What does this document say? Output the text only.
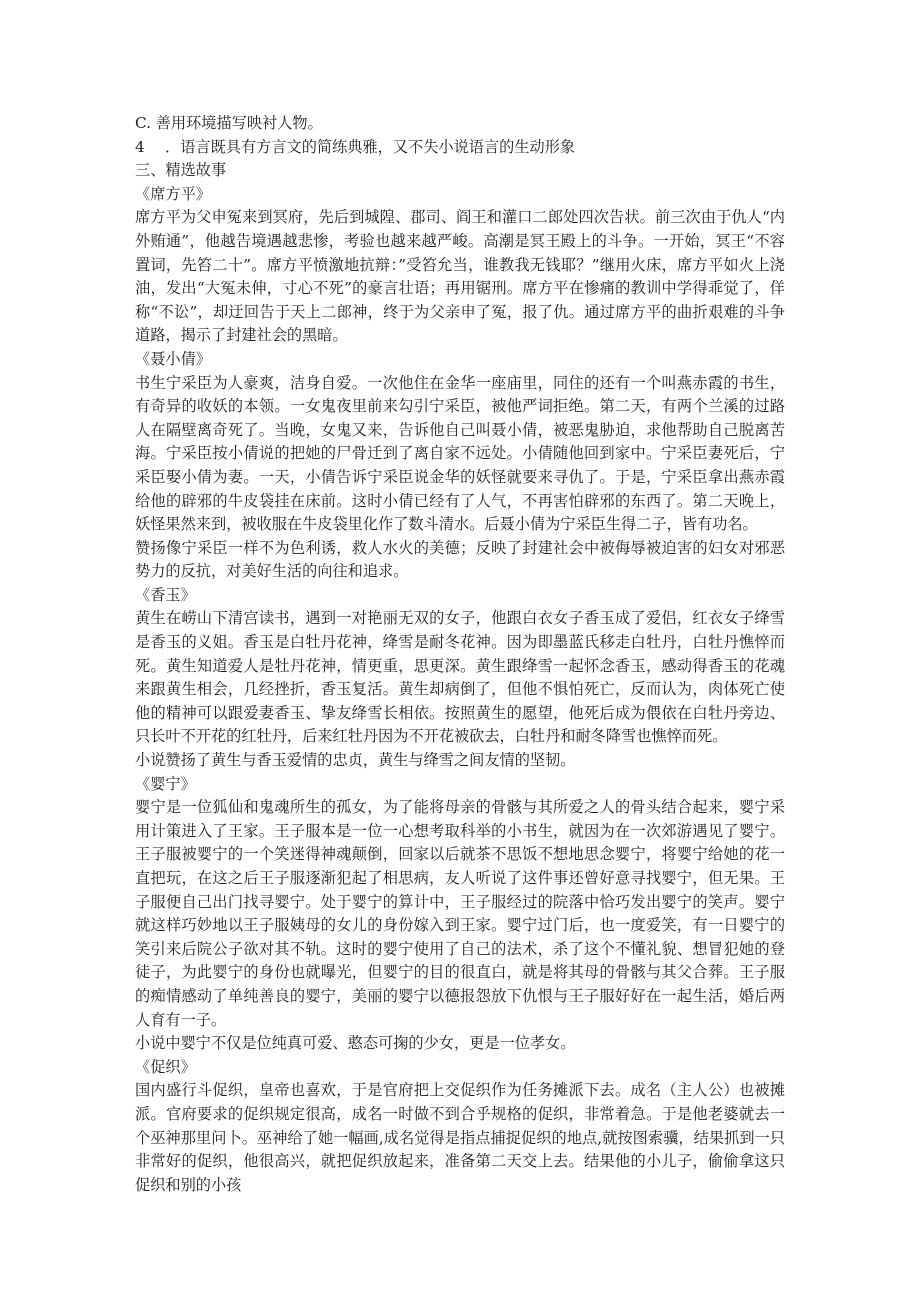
C. 善用环境描写映衬人物。

4 ．语言既具有方言文的简练典雅，又不失小说语言的生动形象

三、精选故事

《席方平》

席方平为父申冤来到冥府，先后到城隍、郡司、阎王和灌口二郎处四次告状。前三次由于仇人“内外贿通”，他越告境遇越悲惨，考验也越来越严峻。高潮是冥王殿上的斗争。一开始，冥王“不容置词，先笞二十”。席方平愤激地抗辩：”受笞允当，谁教我无钱耶？”继用火床，席方平如火上浇油，发出“大冤未伸，寸心不死”的豪言壮语；再用锯刑。席方平在惨痛的教训中学得乖觉了，佯称“不讼”，却迂回告于天上二郎神，终于为父亲申了冤，报了仇。通过席方平的曲折艰难的斗争道路，揭示了封建社会的黑暗。

《聂小倩》

书生宁采臣为人豪爽，洁身自爱。一次他住在金华一座庙里，同住的还有一个叫燕赤霞的书生，有奇异的收妖的本领。一女鬼夜里前来勾引宁采臣，被他严词拒绝。第二天，有两个兰溪的过路人在隔壁离奇死了。当晚，女鬼又来，告诉他自己叫聂小倩，被恶鬼胁迫，求他帮助自己脱离苦海。宁采臣按小倩说的把她的尸骨迁到了离自家不远处。小倩随他回到家中。宁采臣妻死后，宁采臣娶小倩为妻。一天，小倩告诉宁采臣说金华的妖怪就要来寻仇了。于是，宁采臣拿出燕赤霞给他的辟邪的牛皮袋挂在床前。这时小倩已经有了人气，不再害怕辟邪的东西了。第二天晚上，妖怪果然来到，被收服在牛皮袋里化作了数斗清水。后聂小倩为宁采臣生得二子，皆有功名。

赞扬像宁采臣一样不为色利诱，救人水火的美德；反映了封建社会中被侮辱被迫害的妇女对邪恶势力的反抗，对美好生活的向往和追求。

《香玉》

黄生在崂山下清宫读书，遇到一对艳丽无双的女子，他跟白衣女子香玉成了爱侣，红衣女子绛雪是香玉的义姐。香玉是白牡丹花神，绛雪是耐冬花神。因为即墨蓝氏移走白牡丹，白牡丹憔悴而死。黄生知道爱人是牡丹花神，情更重，思更深。黄生跟绛雪一起怀念香玉，感动得香玉的花魂来跟黄生相会，几经挫折，香玉复活。黄生却病倒了，但他不惧怕死亡，反而认为，肉体死亡使他的精神可以跟爱妻香玉、挚友绛雪长相依。按照黄生的愿望，他死后成为偎依在白牡丹旁边、只长叶不开花的红牡丹，后来红牡丹因为不开花被砍去，白牡丹和耐冬降雪也憔悴而死。

小说赞扬了黄生与香玉爱情的忠贞，黄生与绛雪之间友情的坚韧。

《婴宁》

婴宁是一位狐仙和鬼魂所生的孤女，为了能将母亲的骨骸与其所爱之人的骨头结合起来，婴宁采用计策进入了王家。王子服本是一位一心想考取科举的小书生，就因为在一次郊游遇见了婴宁。王子服被婴宁的一个笑迷得神魂颠倒，回家以后就茶不思饭不想地思念婴宁，将婴宁给她的花一直把玩，在这之后王子服逐渐犯起了相思病，友人听说了这件事还曾好意寻找婴宁，但无果。王子服便自己出门找寻婴宁。处于婴宁的算计中，王子服经过的院落中恰巧发出婴宁的笑声。婴宁就这样巧妙地以王子服姨母的女儿的身份嫁入到王家。婴宁过门后，也一度爱笑，有一日婴宁的笑引来后院公子欲对其不轨。这时的婴宁使用了自己的法术，杀了这个不懂礼貌、想冒犯她的登徒子，为此婴宁的身份也就曝光，但婴宁的目的很直白，就是将其母的骨骸与其父合葬。王子服的痴情感动了单纯善良的婴宁，美丽的婴宁以德报怨放下仇恨与王子服好好在一起生活，婚后两人育有一子。

小说中婴宁不仅是位纯真可爱、憨态可掬的少女，更是一位孝女。

《促织》

国内盛行斗促织，皇帝也喜欢，于是官府把上交促织作为任务摊派下去。成名（主人公）也被摊派。官府要求的促织规定很高，成名一时做不到合乎规格的促织，非常着急。于是他老婆就去一个巫神那里问卜。巫神给了她一幅画,成名觉得是指点捕捉促织的地点,就按图索骥，结果抓到一只非常好的促织，他很高兴，就把促织放起来，准备第二天交上去。结果他的小儿子，偷偷拿这只促织和别的小孩
